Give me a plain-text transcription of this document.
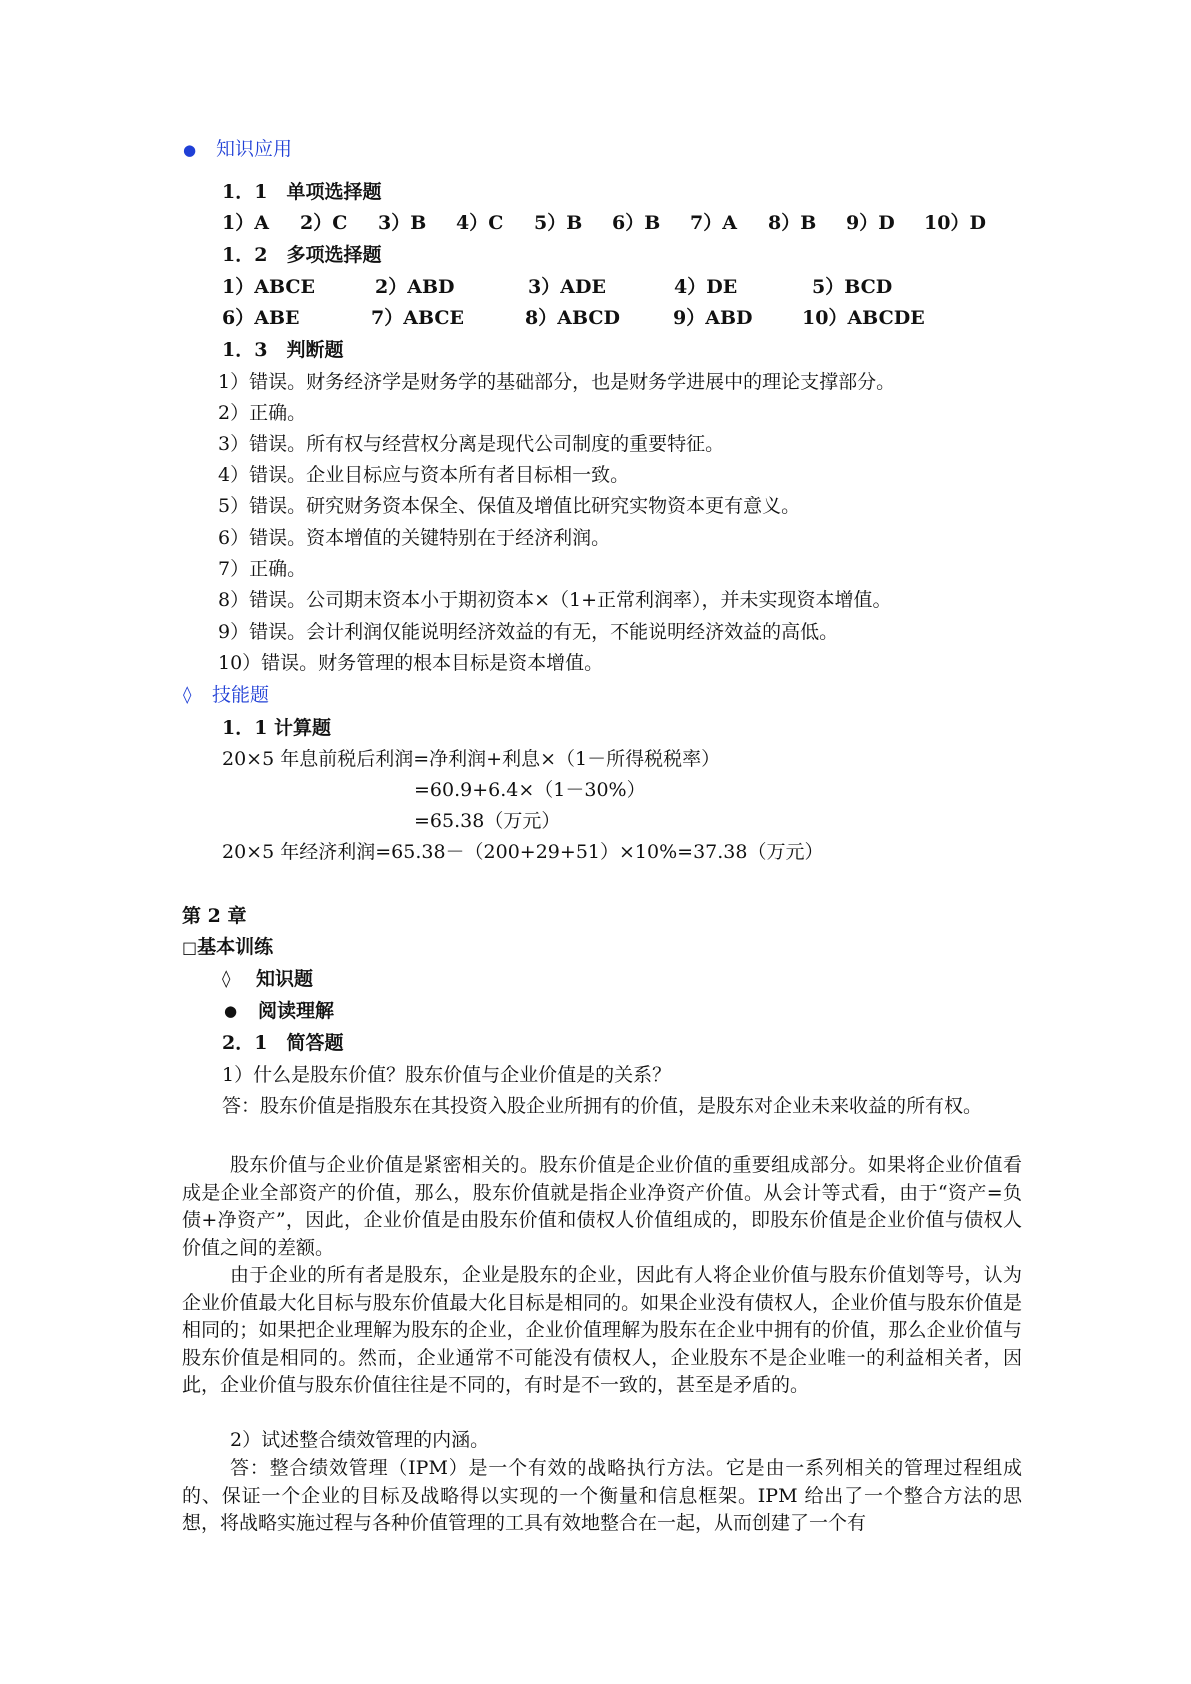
● 知识应用
1．1　单项选择题
1）A 2）C 3）B 4）C 5）B 6）B 7）A 8）B 9）D 10）D
1．2　多项选择题
1）ABCE	2）ABD	3）ADE	4）DE	5）BCD
6）ABE	7）ABCE	8）ABCD	9）ABD	10）ABCDE
1．3　判断题
1）错误。财务经济学是财务学的基础部分，也是财务学进展中的理论支撑部分。
2）正确。
3）错误。所有权与经营权分离是现代公司制度的重要特征。
4）错误。企业目标应与资本所有者目标相一致。
5）错误。研究财务资本保全、保值及增值比研究实物资本更有意义。
6）错误。资本增值的关键特别在于经济利润。
7）正确。
8）错误。公司期末资本小于期初资本×（1+正常利润率），并未实现资本增值。
9）错误。会计利润仅能说明经济效益的有无，不能说明经济效益的高低。
10）错误。财务管理的根本目标是资本增值。
◊ 技能题
1．1 计算题
20×5 年息前税后利润=净利润+利息×（1－所得税税率）
=60.9+6.4×（1－30%）
=65.38（万元）
20×5 年经济利润=65.38－（200+29+51）×10%=37.38（万元）
第 2 章
□基本训练
◊ 知识题
● 阅读理解
2．1　简答题
1）什么是股东价值？股东价值与企业价值是的关系？
答：股东价值是指股东在其投资入股企业所拥有的价值，是股东对企业未来收益的所有权。
股东价值与企业价值是紧密相关的。股东价值是企业价值的重要组成部分。如果将企业价值看成是企业全部资产的价值，那么，股东价值就是指企业净资产价值。从会计等式看，由于“资产=负债+净资产”，因此，企业价值是由股东价值和债权人价值组成的，即股东价值是企业价值与债权人价值之间的差额。
由于企业的所有者是股东，企业是股东的企业，因此有人将企业价值与股东价值划等号，认为企业价值最大化目标与股东价值最大化目标是相同的。如果企业没有债权人，企业价值与股东价值是相同的；如果把企业理解为股东的企业，企业价值理解为股东在企业中拥有的价值，那么企业价值与股东价值是相同的。然而，企业通常不可能没有债权人，企业股东不是企业唯一的利益相关者，因此，企业价值与股东价值往往是不同的，有时是不一致的，甚至是矛盾的。
2）试述整合绩效管理的内涵。
答：整合绩效管理（IPM）是一个有效的战略执行方法。它是由一系列相关的管理过程组成的、保证一个企业的目标及战略得以实现的一个衡量和信息框架。IPM 给出了一个整合方法的思想，将战略实施过程与各种价值管理的工具有效地整合在一起，从而创建了一个有
